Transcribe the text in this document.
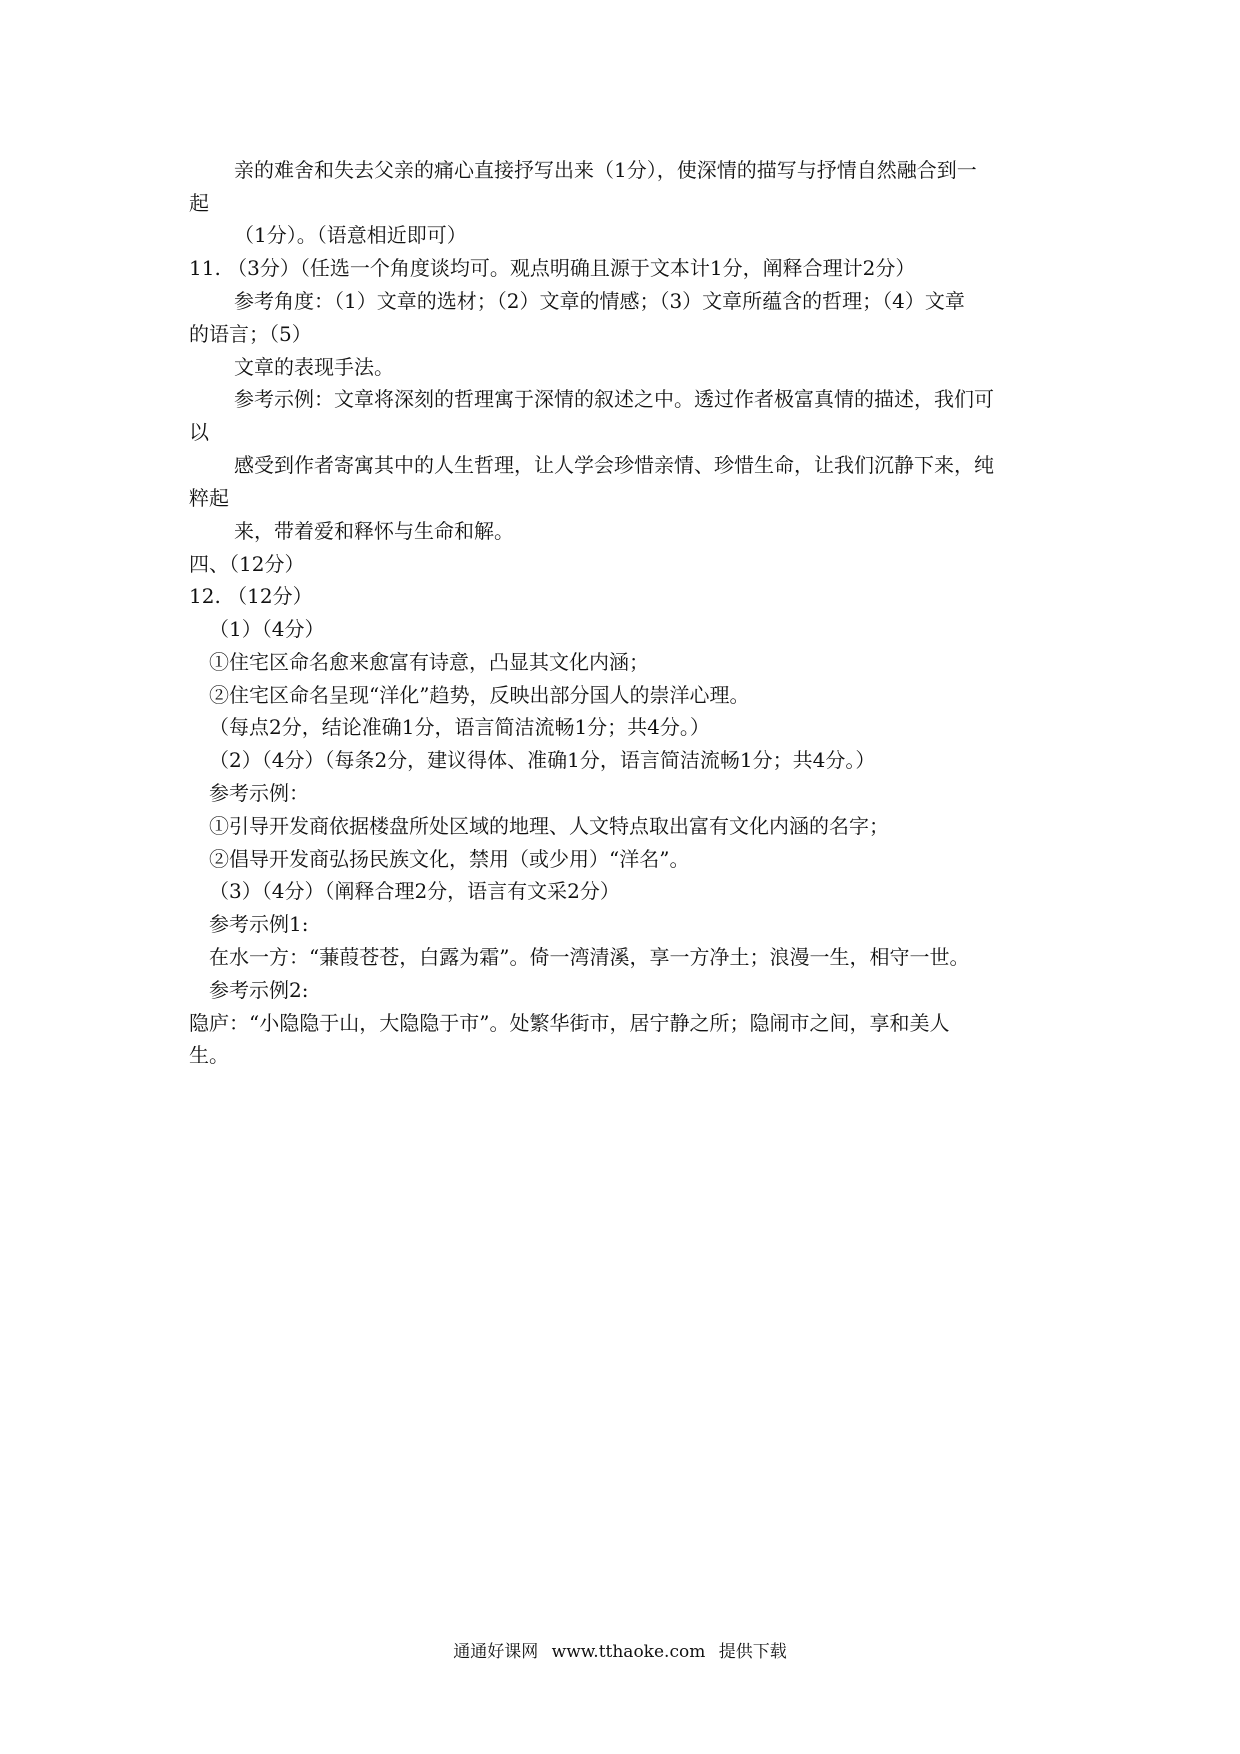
亲的难舍和失去父亲的痛心直接抒写出来（1分），使深情的描写与抒情自然融合到一
起
（1分）。（语意相近即可）
11. （3分）（任选一个角度谈均可。观点明确且源于文本计1分，阐释合理计2分）
参考角度：（1）文章的选材；（2）文章的情感；（3）文章所蕴含的哲理；（4）文章
的语言；（5）
文章的表现手法。
参考示例：文章将深刻的哲理寓于深情的叙述之中。透过作者极富真情的描述，我们可
以
感受到作者寄寓其中的人生哲理，让人学会珍惜亲情、珍惜生命，让我们沉静下来，纯
粹起
来，带着爱和释怀与生命和解。
四、（12分）
12. （12分）
（1）（4分）
①住宅区命名愈来愈富有诗意，凸显其文化内涵；
②住宅区命名呈现“洋化”趋势，反映出部分国人的崇洋心理。
（每点2分，结论准确1分，语言简洁流畅1分；共4分。）
（2）（4分）（每条2分，建议得体、准确1分，语言简洁流畅1分；共4分。）
参考示例：
①引导开发商依据楼盘所处区域的地理、人文特点取出富有文化内涵的名字；
②倡导开发商弘扬民族文化，禁用（或少用）“洋名”。
（3）（4分）（阐释合理2分，语言有文采2分）
参考示例1:
在水一方：“蒹葭苍苍，白露为霜”。倚一湾清溪，享一方净土；浪漫一生，相守一世。
参考示例2:
隐庐：“小隐隐于山，大隐隐于市”。处繁华街市，居宁静之所；隐闹市之间，享和美人
生。
通通好课网 www.tthaoke.com 提供下载
